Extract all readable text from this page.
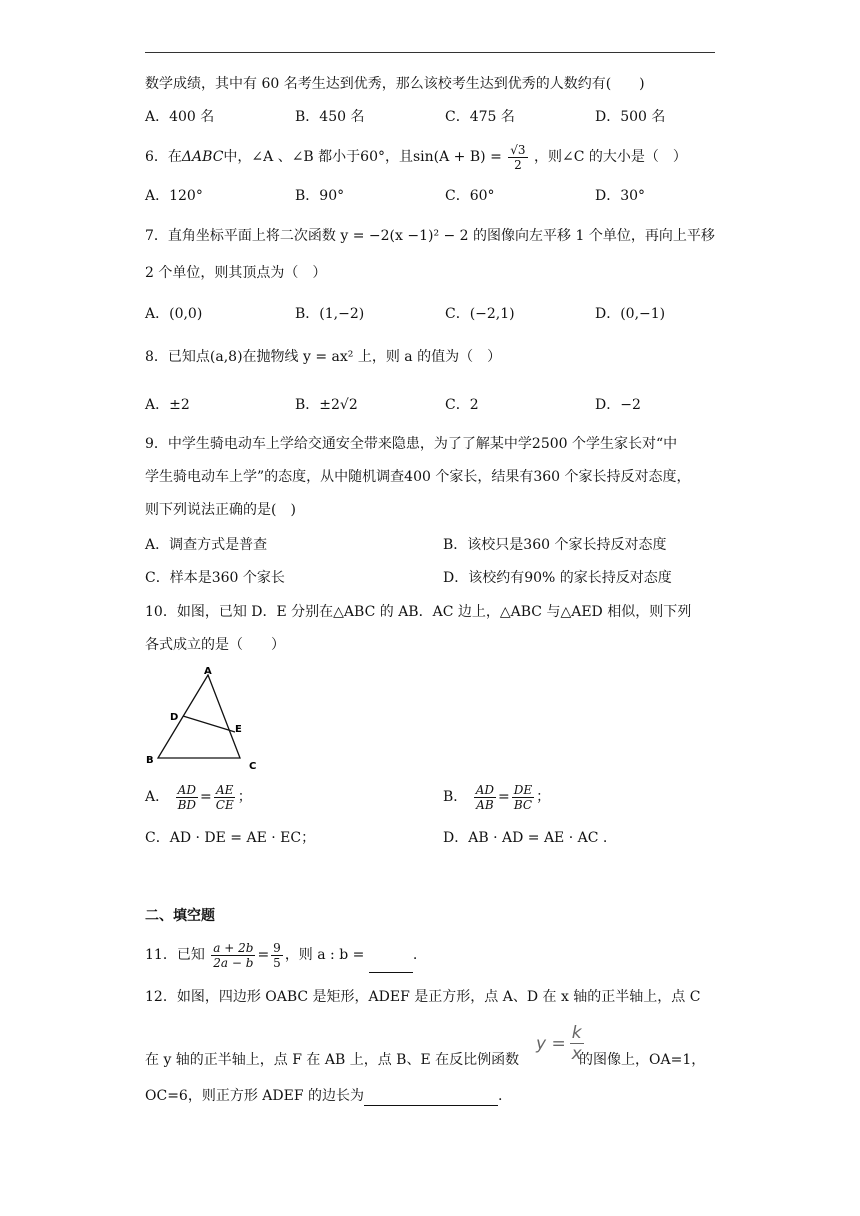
数学成绩，其中有 60 名考生达到优秀，那么该校考生达到优秀的人数约有(　　)
A．400 名	B．450 名	C．475 名	D．500 名
6．在ΔABC中，∠A 、∠B 都小于60°，且$\sin(A + B) = \frac{√3}{2}$ ，则∠C 的大小是（　）
A．120°	B．90°	C．60°	D．30°
7．直角坐标平面上将二次函数 y = −2(x −1)² − 2 的图像向左平移 1 个单位，再向上平移
2 个单位，则其顶点为（　）
A．(0,0)	B．(1,−2)	C．(−2,1)	D．(0,−1)
8．已知点(a,8)在抛物线 y = ax² 上，则 a 的值为（　）
A．±2	B．±2√2	C．2	D．−2
9．中学生骑电动车上学给交通安全带来隐患，为了了解某中学2500 个学生家长对“中
学生骑电动车上学”的态度，从中随机调查400 个家长，结果有360 个家长持反对态度，
则下列说法正确的是(　)
A．调查方式是普查	B．该校只是360 个家长持反对态度
C．样本是360 个家长	D．该校约有90% 的家长持反对态度
10．如图，已知 D．E 分别在△ABC 的 AB．AC 边上，△ABC 与△AED 相似，则下列
各式成立的是（　　）
A
D
E
B
C
A． $\frac{AD}{BD} = \frac{AE}{CE}$ ；	B． $\frac{AD}{AB} = \frac{DE}{BC}$ ；
C．AD · DE = AE · EC；	D．AB · AD = AE · AC .
二、填空题
11．已知 $\frac{a + 2b}{2a - b} = \frac{9}{5}$ ，则 a : b =	.
12．如图，四边形 OABC 是矩形，ADEF 是正方形，点 A、D 在 x 轴的正半轴上，点 C
在 y 轴的正半轴上，点 F 在 AB 上，点 B、E 在反比例函数
$y = \frac{k}{x}$
的图像上，OA=1，
OC=6，则正方形 ADEF 的边长为	.
